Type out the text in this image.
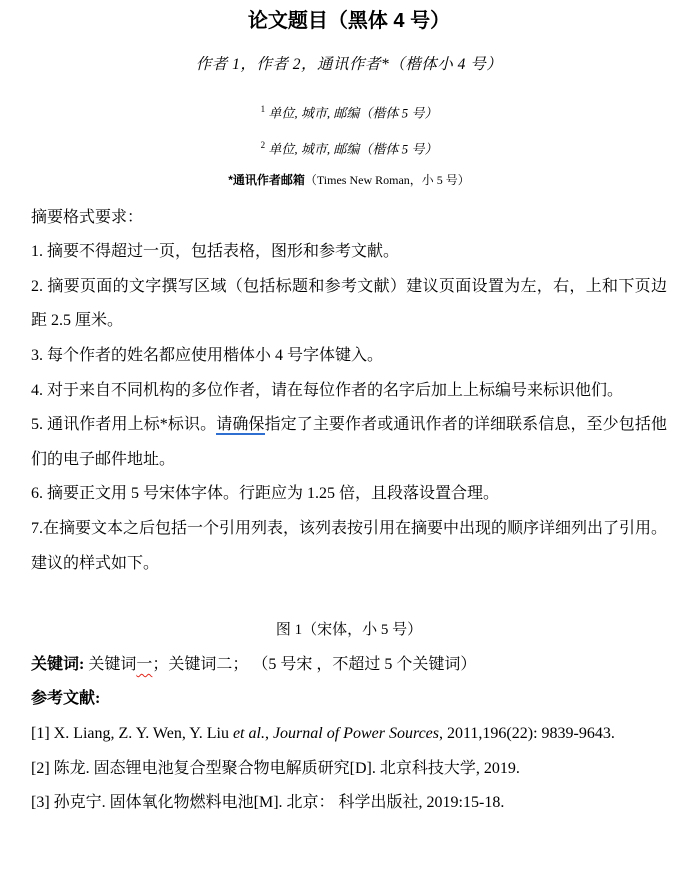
论文题目（黑体 4 号）
作者 1，作者 2，通讯作者*（楷体小 4 号）
$^1$ 单位, 城市, 邮编（楷体 5 号）
$^2$ 单位, 城市, 邮编（楷体 5 号）
*通讯作者邮箱（Times New Roman，小 5 号）

摘要格式要求：

1. 摘要不得超过一页，包括表格，图形和参考文献。

2. 摘要页面的文字撰写区域（包括标题和参考文献）建议页面设置为左，右，上和下页边距 2.5 厘米。

3. 每个作者的姓名都应使用楷体小 4 号字体键入。

4. 对于来自不同机构的多位作者，请在每位作者的名字后加上上标编号来标识他们。

5. 通讯作者用上标*标识。请确保指定了主要作者或通讯作者的详细联系信息，至少包括他们的电子邮件地址。

6. 摘要正文用 5 号宋体字体。行距应为 1.25 倍，且段落设置合理。

7.在摘要文本之后包括一个引用列表，该列表按引用在摘要中出现的顺序详细列出了引用。建议的样式如下。

图 1（宋体，小 5 号）

关键词: 关键词一；关键词二； （5 号宋 ，不超过 5 个关键词）

参考文献:

[1] X. Liang, Z. Y. Wen, Y. Liu et al., Journal of Power Sources, 2011,196(22): 9839-9643.

[2] 陈龙. 固态锂电池复合型聚合物电解质研究[D]. 北京科技大学, 2019.

[3] 孙克宁. 固体氧化物燃料电池[M]. 北京： 科学出版社, 2019:15-18.
